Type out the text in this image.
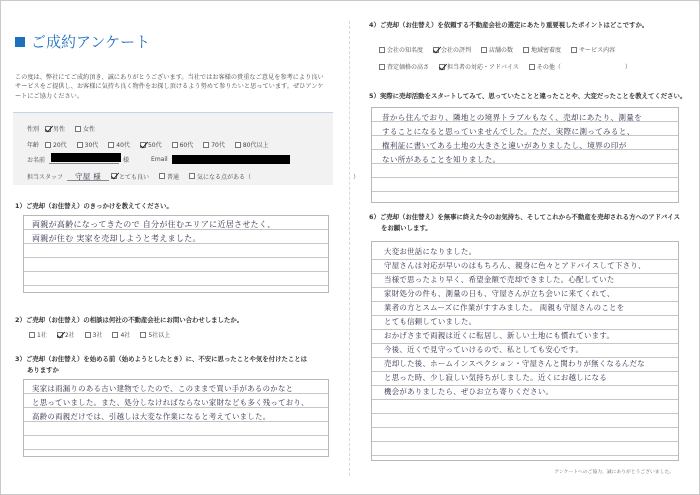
ご成約アンケート
この度は、弊社にてご成約頂き、誠にありがとうございます。当社ではお客様の貴重なご意見を参考により良いサービスをご提供し、お客様に気持ち良く物件をお探し頂けるよう努めて参りたいと思っています。ぜひアンケートにご協力ください。
性別 男性	女性
年齢 20代	30代	40代	50代	60代	70代	80代以上
お名前	様	Email
担当スタッフ	守屋 様	とても良い	普通	気になる点がある（	）
1）ご売却（お住替え）のきっかけを教えてください。
両親が高齢になってきたので 自分が住むエリアに近居させたく、
両親が住む 実家を売却しようと考えました。
2）ご売却（お住替え）の相談は何社の不動産会社にお問い合わせしましたか。
1社	2社	3社	4社	5社以上
3）ご売却（お住替え）を始める前（始めようとしたとき）に、不安に思ったことや気を付けたことは
ありますか
実家は雨漏りのある古い建物でしたので、このままで買い手があるのかなと
と思っていました。また、処分しなければならない家財なども多く残っており、
高齢の両親だけでは、引越しは大変な作業になると考えていました。
4）ご売却（お住替え）を依頼する不動産会社の選定にあたり重要視したポイントはどこですか。
会社の知名度	会社の評判	店舗の数	地域密着度	サービス内容
査定価格の高さ	担当者の対応・アドバイス	その他（	）
5）実際に売却活動をスタートしてみて、思っていたことと違ったことや、大変だったことを教えてください。
昔から住んでおり、隣地との境界トラブルもなく、売却にあたり、測量を
することになると思っていませんでした。ただ、実際に測ってみると、
権利証に書いてある土地の大きさと違いがありましたし、境界の印が
ない所があることを知りました。
6）ご売却（お住替え）を無事に終えた今のお気持ち、そしてこれから不動産を売却される方へのアドバイス
をお願いします。
大変お世話になりました。
守屋さんは対応が早いのはもちろん、親身に色々とアドバイスして下さり、
当様で思ったより早く、希望金額で売却できました。心配していた
家財処分の件も、測量の日も、守屋さんが立ち会いに来てくれて、
業者の方とスムーズに作業がすすみました。 両親も守屋さんのことを
とても信頼していました。
おかげさまで両親は近くに転居し、新しい土地にも慣れています。
今後、近くで見守っていけるので、私としても安心です。
売却した後、ホームインスペクション・守屋さんと関わりが無くなるんだな
と思った時、少し寂しい気持ちがしました。近くにお越しになる
機会がありましたら、ぜひお立ち寄りください。
アンケートへのご協力、誠にありがとうございました。
